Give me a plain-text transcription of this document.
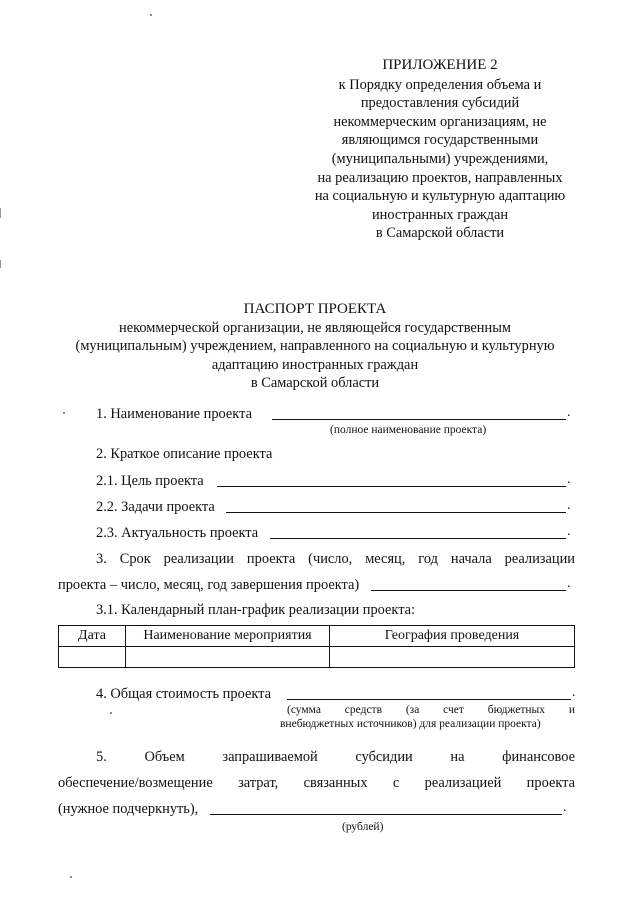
ПРИЛОЖЕНИЕ 2
к Порядку определения объема и
предоставления субсидий
некоммерческим организациям, не
являющимся государственными
(муниципальными) учреждениями,
на реализацию проектов, направленных
на социальную и культурную адаптацию
иностранных граждан
в Самарской области
ПАСПОРТ ПРОЕКТА
некоммерческой организации, не являющейся государственным
(муниципальным) учреждением, направленного на социальную и культурную
адаптацию иностранных граждан
в Самарской области
1. Наименование проекта	.
(полное наименование проекта)
2. Краткое описание проекта
2.1. Цель проекта	.
2.2. Задачи проекта	.
2.3. Актуальность проекта	.
3. Срок реализации проекта (число, месяц, год начала реализации
проекта – число, месяц, год завершения проекта)	.
3.1. Календарный план-график реализации проекта:
Дата	Наименование мероприятия	География проведения

4. Общая стоимость проекта	.
(сумма средств (за счет бюджетных и
внебюджетных источников) для реализации проекта)
5. Объем запрашиваемой субсидии на финансовое
обеспечение/возмещение затрат, связанных с реализацией проекта
(нужное подчеркнуть),	.
(рублей)
